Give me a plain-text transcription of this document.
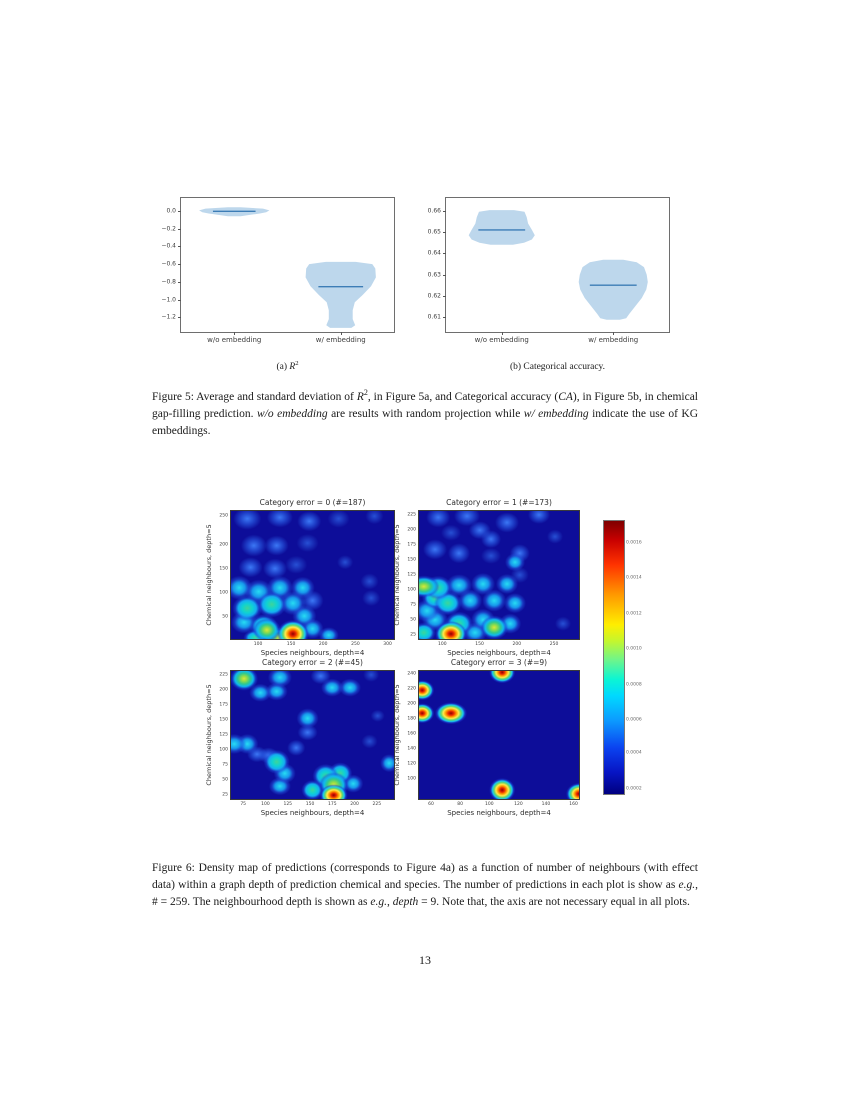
w/o embedding	w/ embedding
0.0
−0.2
−0.4
−0.6
−0.8
−1.0
−1.2
w/o embedding	w/ embedding
0.66
0.65
0.64
0.63
0.62
0.61
(a) $R^2$	(b) Categorical accuracy.
Figure 5: Average and standard deviation of $R^2$, in Figure 5a, and Categorical accuracy (CA), in Figure 5b, in chemical gap-filling prediction. w/o embedding are results with random projection while w/ embedding indicate the use of KG embeddings.
Category error = 0 (#=187)
Chemical neighbours, depth=5
Species neighbours, depth=4
100	150	200	250	300
250
200
150
100
50
Category error = 1 (#=173)
Chemical neighbours, depth=5
Species neighbours, depth=4
100	150	200	250
225
200
175
150
125
100
75
50
25
Category error = 2 (#=45)
Chemical neighbours, depth=5
Species neighbours, depth=4
75	100	125	150	175	200	225
225
200
175
150
125
100
75
50
25
Category error = 3 (#=9)
Chemical neighbours, depth=5
Species neighbours, depth=4
60	80	100	120	140	160
240
220
200
180
160
140
120
100
0.0016
0.0014
0.0012
0.0010
0.0008
0.0006
0.0004
0.0002
Figure 6: Density map of predictions (corresponds to Figure 4a) as a function of number of neighbours (with effect data) within a graph depth of prediction chemical and species. The number of predictions in each plot is show as e.g., # = 259. The neighbourhood depth is shown as e.g., depth = 9. Note that, the axis are not necessary equal in all plots.
13
